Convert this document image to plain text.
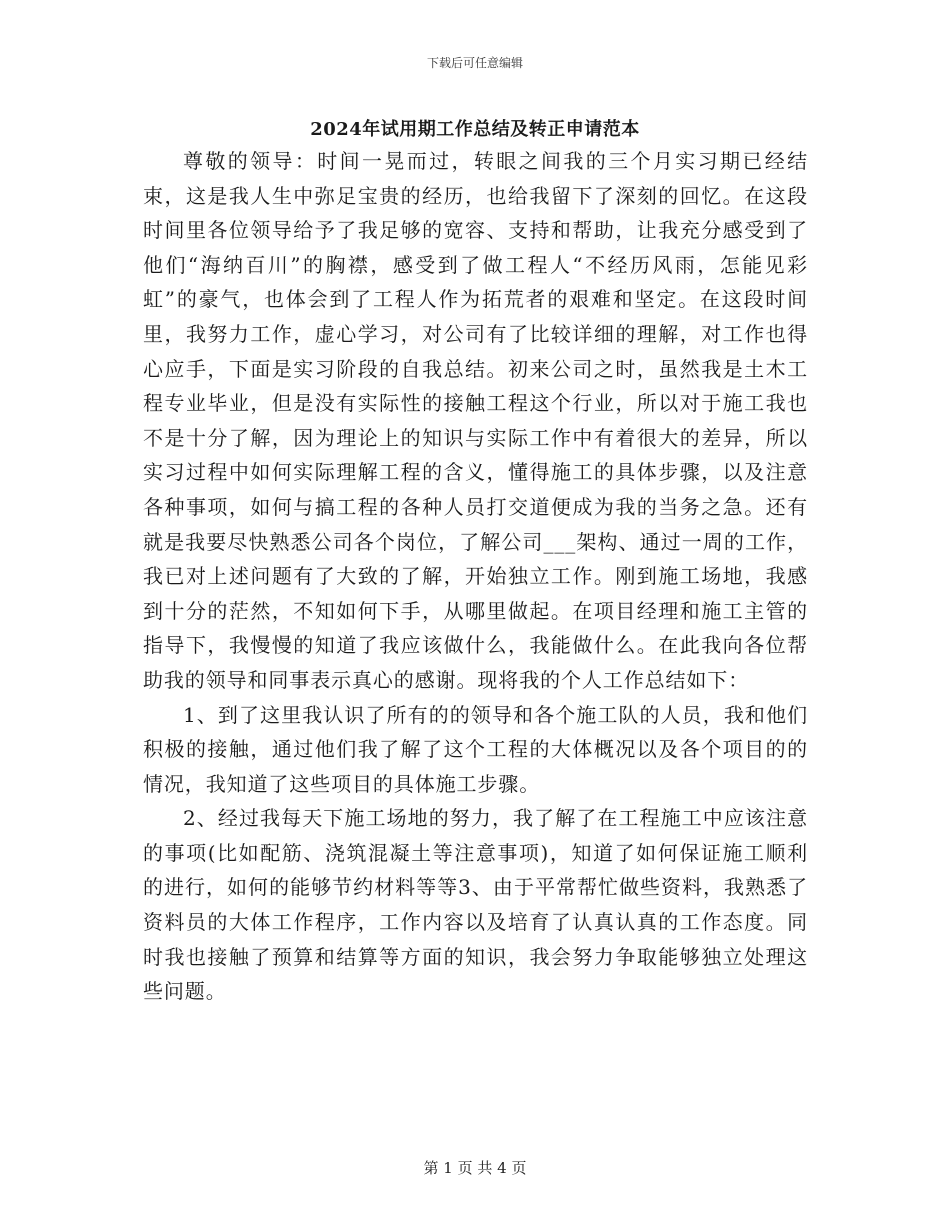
下载后可任意编辑
2024年试用期工作总结及转正申请范本

尊敬的领导：时间一晃而过，转眼之间我的三个月实习期已经结束，这是我人生中弥足宝贵的经历，也给我留下了深刻的回忆。在这段时间里各位领导给予了我足够的宽容、支持和帮助，让我充分感受到了他们“海纳百川”的胸襟，感受到了做工程人“不经历风雨，怎能见彩虹”的豪气，也体会到了工程人作为拓荒者的艰难和坚定。在这段时间里，我努力工作，虚心学习，对公司有了比较详细的理解，对工作也得心应手，下面是实习阶段的自我总结。初来公司之时，虽然我是土木工程专业毕业，但是没有实际性的接触工程这个行业，所以对于施工我也不是十分了解，因为理论上的知识与实际工作中有着很大的差异，所以实习过程中如何实际理解工程的含义，懂得施工的具体步骤，以及注意各种事项，如何与搞工程的各种人员打交道便成为我的当务之急。还有就是我要尽快熟悉公司各个岗位，了解公司___架构、通过一周的工作，我已对上述问题有了大致的了解，开始独立工作。刚到施工场地，我感到十分的茫然，不知如何下手，从哪里做起。在项目经理和施工主管的指导下，我慢慢的知道了我应该做什么，我能做什么。在此我向各位帮助我的领导和同事表示真心的感谢。现将我的个人工作总结如下：

1、到了这里我认识了所有的的领导和各个施工队的人员，我和他们积极的接触，通过他们我了解了这个工程的大体概况以及各个项目的的情况，我知道了这些项目的具体施工步骤。

2、经过我每天下施工场地的努力，我了解了在工程施工中应该注意的事项(比如配筋、浇筑混凝土等注意事项)，知道了如何保证施工顺利的进行，如何的能够节约材料等等3、由于平常帮忙做些资料，我熟悉了资料员的大体工作程序，工作内容以及培育了认真认真的工作态度。同时我也接触了预算和结算等方面的知识，我会努力争取能够独立处理这些问题。

第 1 页 共 4 页
